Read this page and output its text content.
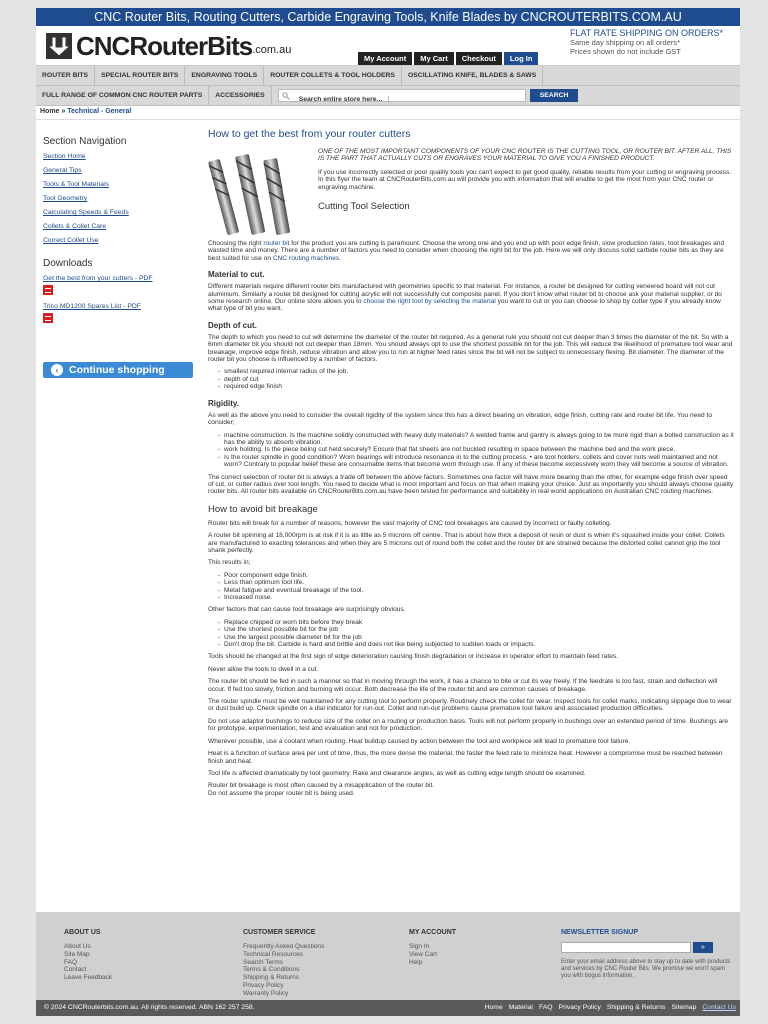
CNC Router Bits, Routing Cutters, Carbide Engraving Tools, Knife Blades by CNCROUTERBITS.COM.AU
CNCRouterBits .com.au
My Account	My Cart	Checkout	Log In
FLAT RATE SHIPPING ON ORDERS*
Same day shipping on all orders*
Prices shown do not include GST
ROUTER BITS	SPECIAL ROUTER BITS	ENGRAVING TOOLS	ROUTER COLLETS & TOOL HOLDERS	OSCILLATING KNIFE, BLADES & SAWS
FULL RANGE OF COMMON CNC ROUTER PARTS	ACCESSORIES
Search entire store here...
SEARCH
Home » Technical - General
Section Navigation
Section Home
General Tips
Tools & Tool Materials
Tool Geometry
Calculating Speeds & Feeds
Collets & Collet Care
Correct Collet Use
Downloads
Get the best from your cutters - PDF
Trico MD1200 Spares List - PDF
‹	Continue shopping
How to get the best from your router cutters

ONE OF THE MOST IMPORTANT COMPONENTS OF YOUR CNC ROUTER IS THE CUTTING TOOL, OR ROUTER BIT. AFTER ALL, THIS IS THE PART THAT ACTUALLY CUTS OR ENGRAVES YOUR MATERIAL TO GIVE YOU A FINISHED PRODUCT.

If you use incorrectly selected or poor quality tools you can't expect to get good quality, reliable results from your cutting or engraving process. In this flyer the team at CNCRouterBits.com.au will provide you with information that will enable to get the most from your CNC router or engraving machine.

Cutting Tool Selection

Choosing the right router bit for the product you are cutting is paramount. Choose the wrong one and you end up with poor edge finish, slow production rates, tool breakages and wasted time and money. There are a number of factors you need to consider when choosing the right bit for the job. Here we will only discuss solid carbide router bits as they are best suited for use on CNC routing machines.

Material to cut.

Different materials require different router bits manufactured with geometries specific to that material. For instance, a router bit designed for cutting veneered board will not cut aluminium. Similarly a router bit designed for cutting acrylic will not successfully cut composite panel. If you don't know what router bit to choose ask your material supplier, or do some research online. Our online store allows you to choose the right tool by selecting the material you want to cut or you can choose to shop by cutter type if you already know what type of bit you want.

Depth of cut.

The depth to which you need to cut will determine the diameter of the router bit required. As a general rule you should not cut deeper than 3 times the diameter of the bit. So with a 6mm diameter bit you should not cut deeper than 18mm. You should always opt to use the shortest possible bit for the job. This will reduce the likelihood of premature tool wear and breakage, improve edge finish, reduce vibration and allow you to run at higher feed rates since the bit will not be subject to unnecessary flexing. Bit diameter. The diameter of the router bit you choose is influenced by a number of factors.

- smallest required internal radius of the job.
- depth of cut
- required edge finish
Rigidity.

As well as the above you need to consider the overall rigidity of the system since this has a direct bearing on vibration, edge finish, cutting rate and router bit life. You need to consider;

- machine construction. Is the machine solidly constructed with heavy duty materials? A welded frame and gantry is always going to be more rigid than a bolted construction as it has the ability to absorb vibration.
- work holding. Is the piece being cut held securely? Ensure that flat sheets are not buckled resulting in space between the machine bed and the work piece.
- Is the router spindle in good condition? Worn bearings will introduce resonance in to the cutting process. • are tool holders, collets and cover nuts well maintained and not worn? Contrary to popular belief these are consumable items that become worn through use. If any of these become excessively worn they will become a source of vibration.

The correct selection of router bit is always a trade off between the above factors. Sometimes one factor will have more bearing than the other, for example edge finish over speed of cut, or cutter radius over tool length. You need to decide what is most important and focus on that when making your choice. Just as importantly you should always choose quality router bits. All router bits available on CNCRouterBits.com.au have been tested for performance and suitability in real world applications on Australian CNC routing machines.

How to avoid bit breakage

Router bits will break for a number of reasons, however the vast majority of CNC tool breakages are caused by incorrect or faulty colleting.

A router bit spinning at 18,000rpm is at risk if it is as little as 5 microns off centre. That is about how thick a deposit of resin or dust is when it's squashed inside your collet. Collets are manufactured to exacting tolerances and when they are 5 microns out of round both the collet and the router bit are strained because the distorted collet cannot grip the tool shank perfectly.

This results in;

- Poor component edge finish.
- Less than optimum tool life.
- Metal fatigue and eventual breakage of the tool.
- Increased noise.

Other factors that can cause tool breakage are surprisingly obvious.

- Replace chipped or worn bits before they break
- Use the shortest possible bit for the job
- Use the largest possible diameter bit for the job
- Don't drop the bit. Carbide is hard and brittle and does not like being subjected to sudden loads or impacts.

Tools should be changed at the first sign of edge deterioration causing finish degradation or increase in operator effort to maintain feed rates.

Never allow the tools to dwell in a cut.

The router bit should be fed in such a manner so that in moving through the work, it has a chance to bite or cut its way freely. If the feedrate is too fast, strain and deflection will occur. If fed too slowly, friction and burning will occur. Both decrease the life of the router bit and are common causes of breakage.

The router spindle must be well maintained for any cutting tool to perform properly. Routinely check the collet for wear. Inspect tools for collet marks, indicating slippage due to wear or dust build up. Check spindle on a dial indicator for run-out. Collet and run-out problems cause premature tool failure and associated production difficulties.

Do not use adaptor bushings to reduce size of the collet on a routing or production basis. Tools will not perform properly in bushings over an extended period of time. Bushings are for prototype, experimentation, test and evaluation and not for production.

Wherever possible, use a coolant when routing. Heat buildup caused by action between the tool and workpiece will lead to premature tool failure.

Heat is a function of surface area per unit of time, thus, the more dense the material, the faster the feed rate to minimize heat. However a compromise must be reached between finish and heat.

Tool life is affected dramatically by tool geometry. Rake and clearance angles, as well as cutting edge length should be examined.

Router bit breakage is most often caused by a misapplication of the router bit.
Do not assume the proper router bit is being used.

ABOUT US
About Us
Site Map
FAQ
Contact
Leave Feedback
CUSTOMER SERVICE
Frequently Asked Questions
Technical Resources
Search Terms
Terms & Conditions
Shipping & Returns
Privacy Policy
Warranty Policy
MY ACCOUNT
Sign In
View Cart
Help
NEWSLETTER SIGNUP
»
Enter your email address above to stay up to date with products and services by CNC Router Bits. We promise we won't spam you with bogus information.
© 2024 CNCRouterbits.com.au. All rights reserved. ABN 162 257 258.	Home Material FAQ Privacy Policy Shipping & Returns Sitemap Contact Us
